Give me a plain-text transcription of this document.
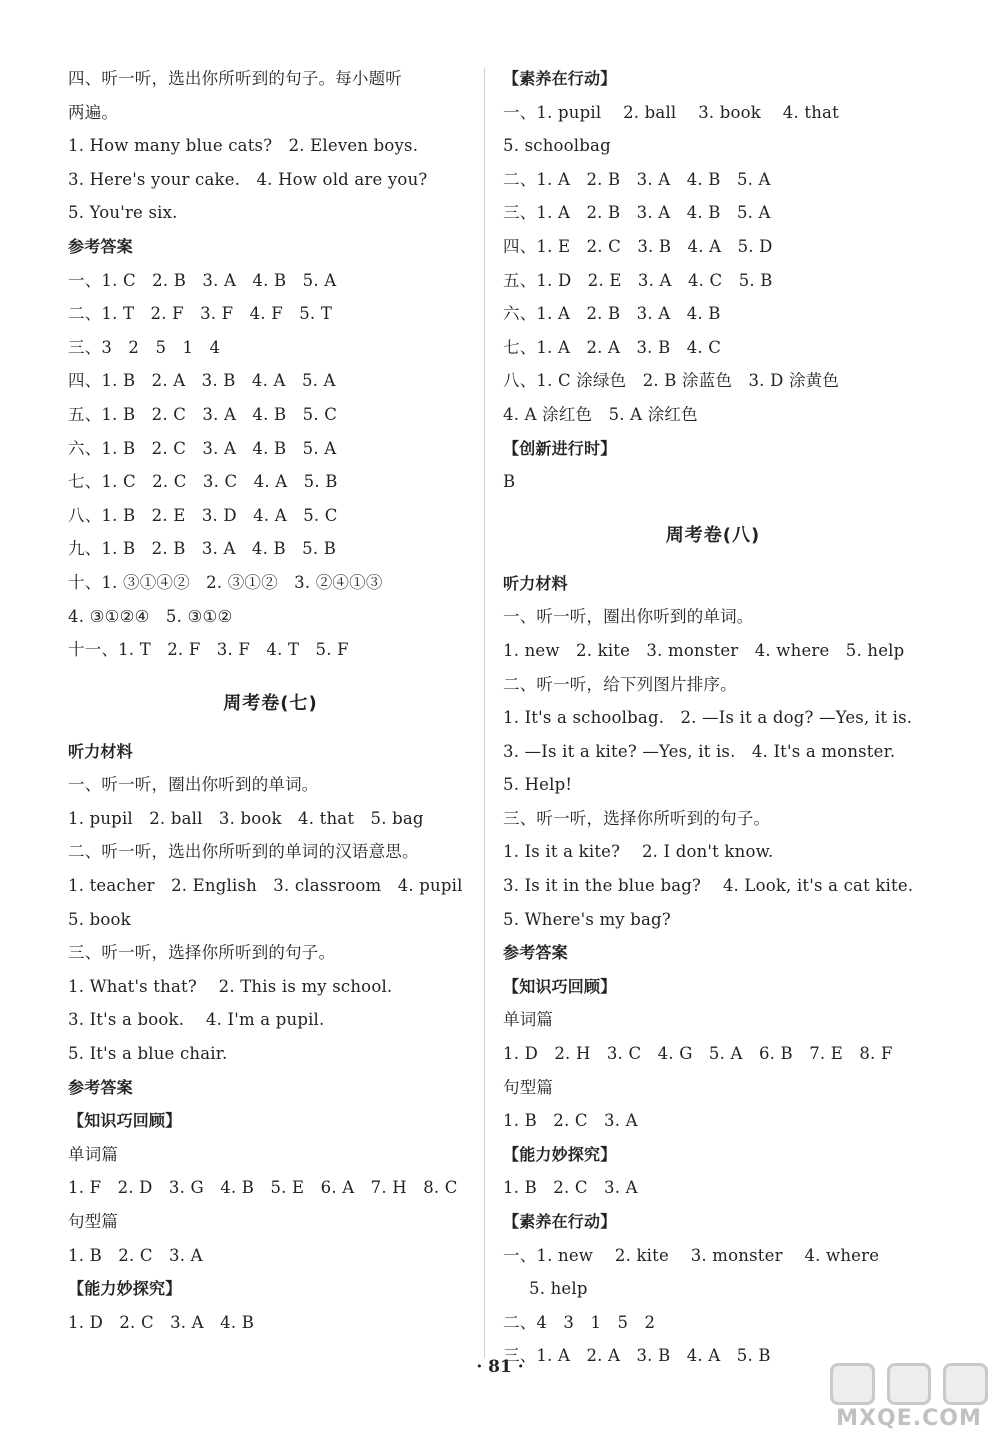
四、听一听，选出你所听到的句子。每小题听
两遍。
1. How many blue cats?   2. Eleven boys.
3. Here's your cake.   4. How old are you?
5. You're six.
参考答案
一、1. C   2. B   3. A   4. B   5. A
二、1. T   2. F   3. F   4. F   5. T
三、3   2   5   1   4
四、1. B   2. A   3. B   4. A   5. A
五、1. B   2. C   3. A   4. B   5. C
六、1. B   2. C   3. A   4. B   5. A
七、1. C   2. C   3. C   4. A   5. B
八、1. B   2. E   3. D   4. A   5. C
九、1. B   2. B   3. A   4. B   5. B
十、1. ③①④②   2. ③①②   3. ②④①③
4. ③①②④   5. ③①②
十一、1. T   2. F   3. F   4. T   5. F
周考卷(七)
听力材料
一、听一听，圈出你听到的单词。
1. pupil   2. ball   3. book   4. that   5. bag
二、听一听，选出你所听到的单词的汉语意思。
1. teacher   2. English   3. classroom   4. pupil
5. book
三、听一听，选择你所听到的句子。
1. What's that?    2. This is my school.
3. It's a book.    4. I'm a pupil.
5. It's a blue chair.
参考答案
【知识巧回顾】
单词篇
1. F   2. D   3. G   4. B   5. E   6. A   7. H   8. C
句型篇
1. B   2. C   3. A
【能力妙探究】
1. D   2. C   3. A   4. B
【素养在行动】
一、1. pupil    2. ball    3. book    4. that
5. schoolbag
二、1. A   2. B   3. A   4. B   5. A
三、1. A   2. B   3. A   4. B   5. A
四、1. E   2. C   3. B   4. A   5. D
五、1. D   2. E   3. A   4. C   5. B
六、1. A   2. B   3. A   4. B
七、1. A   2. A   3. B   4. C
八、1. C 涂绿色   2. B 涂蓝色   3. D 涂黄色
4. A 涂红色   5. A 涂红色
【创新进行时】
B
周考卷(八)
听力材料
一、听一听，圈出你听到的单词。
1. new   2. kite   3. monster   4. where   5. help
二、听一听，给下列图片排序。
1. It's a schoolbag.   2. —Is it a dog? —Yes, it is.
3. —Is it a kite? —Yes, it is.   4. It's a monster.
5. Help!
三、听一听，选择你所听到的句子。
1. Is it a kite?    2. I don't know.
3. Is it in the blue bag?    4. Look, it's a cat kite.
5. Where's my bag?
参考答案
【知识巧回顾】
单词篇
1. D   2. H   3. C   4. G   5. A   6. B   7. E   8. F
句型篇
1. B   2. C   3. A
【能力妙探究】
1. B   2. C   3. A
【素养在行动】
一、1. new    2. kite    3. monster    4. where
5. help
二、4   3   1   5   2
三、1. A   2. A   3. B   4. A   5. B
· 81 ·
MXQE.COM
